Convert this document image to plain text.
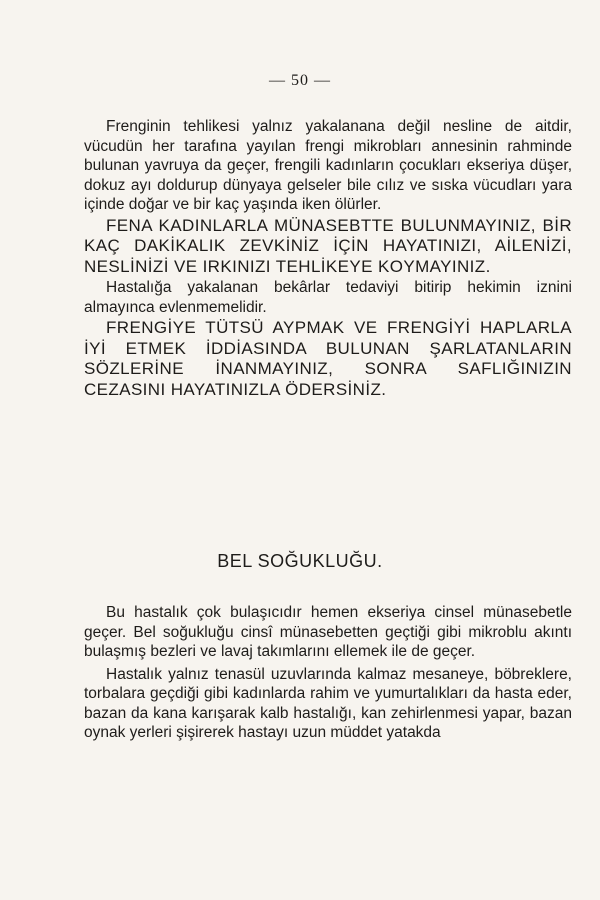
— 50 —

Frenginin tehlikesi yalnız yakalanana değil nesline de aitdir, vücudün her tarafına yayılan frengi mikrobları annesinin rahminde bulunan yavruya da geçer, frengili kadınların çocukları ekseriya düşer, dokuz ayı doldurup dünyaya gelseler bile cılız ve sıska vücudları yara içinde doğar ve bir kaç yaşında iken ölürler.

FENA KADINLARLA MÜNASEBTTE BULUNMAYINIZ, BİR KAÇ DAKİKALIK ZEVKİNİZ İÇİN HAYATINIZI, AİLENİZİ, NESLİNİZİ VE IRKINIZI TEHLİKEYE KOYMAYINIZ.

Hastalığa yakalanan bekârlar tedaviyi bitirip hekimin iznini almayınca evlenmemelidir.

FRENGİYE TÜTSÜ AYPMAK VE FRENGİYİ HAPLARLA İYİ ETMEK İDDİASINDA BULUNAN ŞARLATANLARIN SÖZLERİNE İNANMAYINIZ, SONRA SAFLIĞINIZIN CEZASINI HAYATINIZLA ÖDERSİNİZ.

BEL SOĞUKLUĞU.

Bu hastalık çok bulaşıcıdır hemen ekseriya cinsel münasebetle geçer. Bel soğukluğu cinsî münasebetten geçtiği gibi mikroblu akıntı bulaşmış bezleri ve lavaj takımlarını ellemek ile de geçer.

Hastalık yalnız tenasül uzuvlarında kalmaz mesaneye, böbreklere, torbalara geçdiği gibi kadınlarda rahim ve yumurtalıkları da hasta eder, bazan da kana karışarak kalb hastalığı, kan zehirlenmesi yapar, bazan oynak yerleri şişirerek hastayı uzun müddet yatakda
